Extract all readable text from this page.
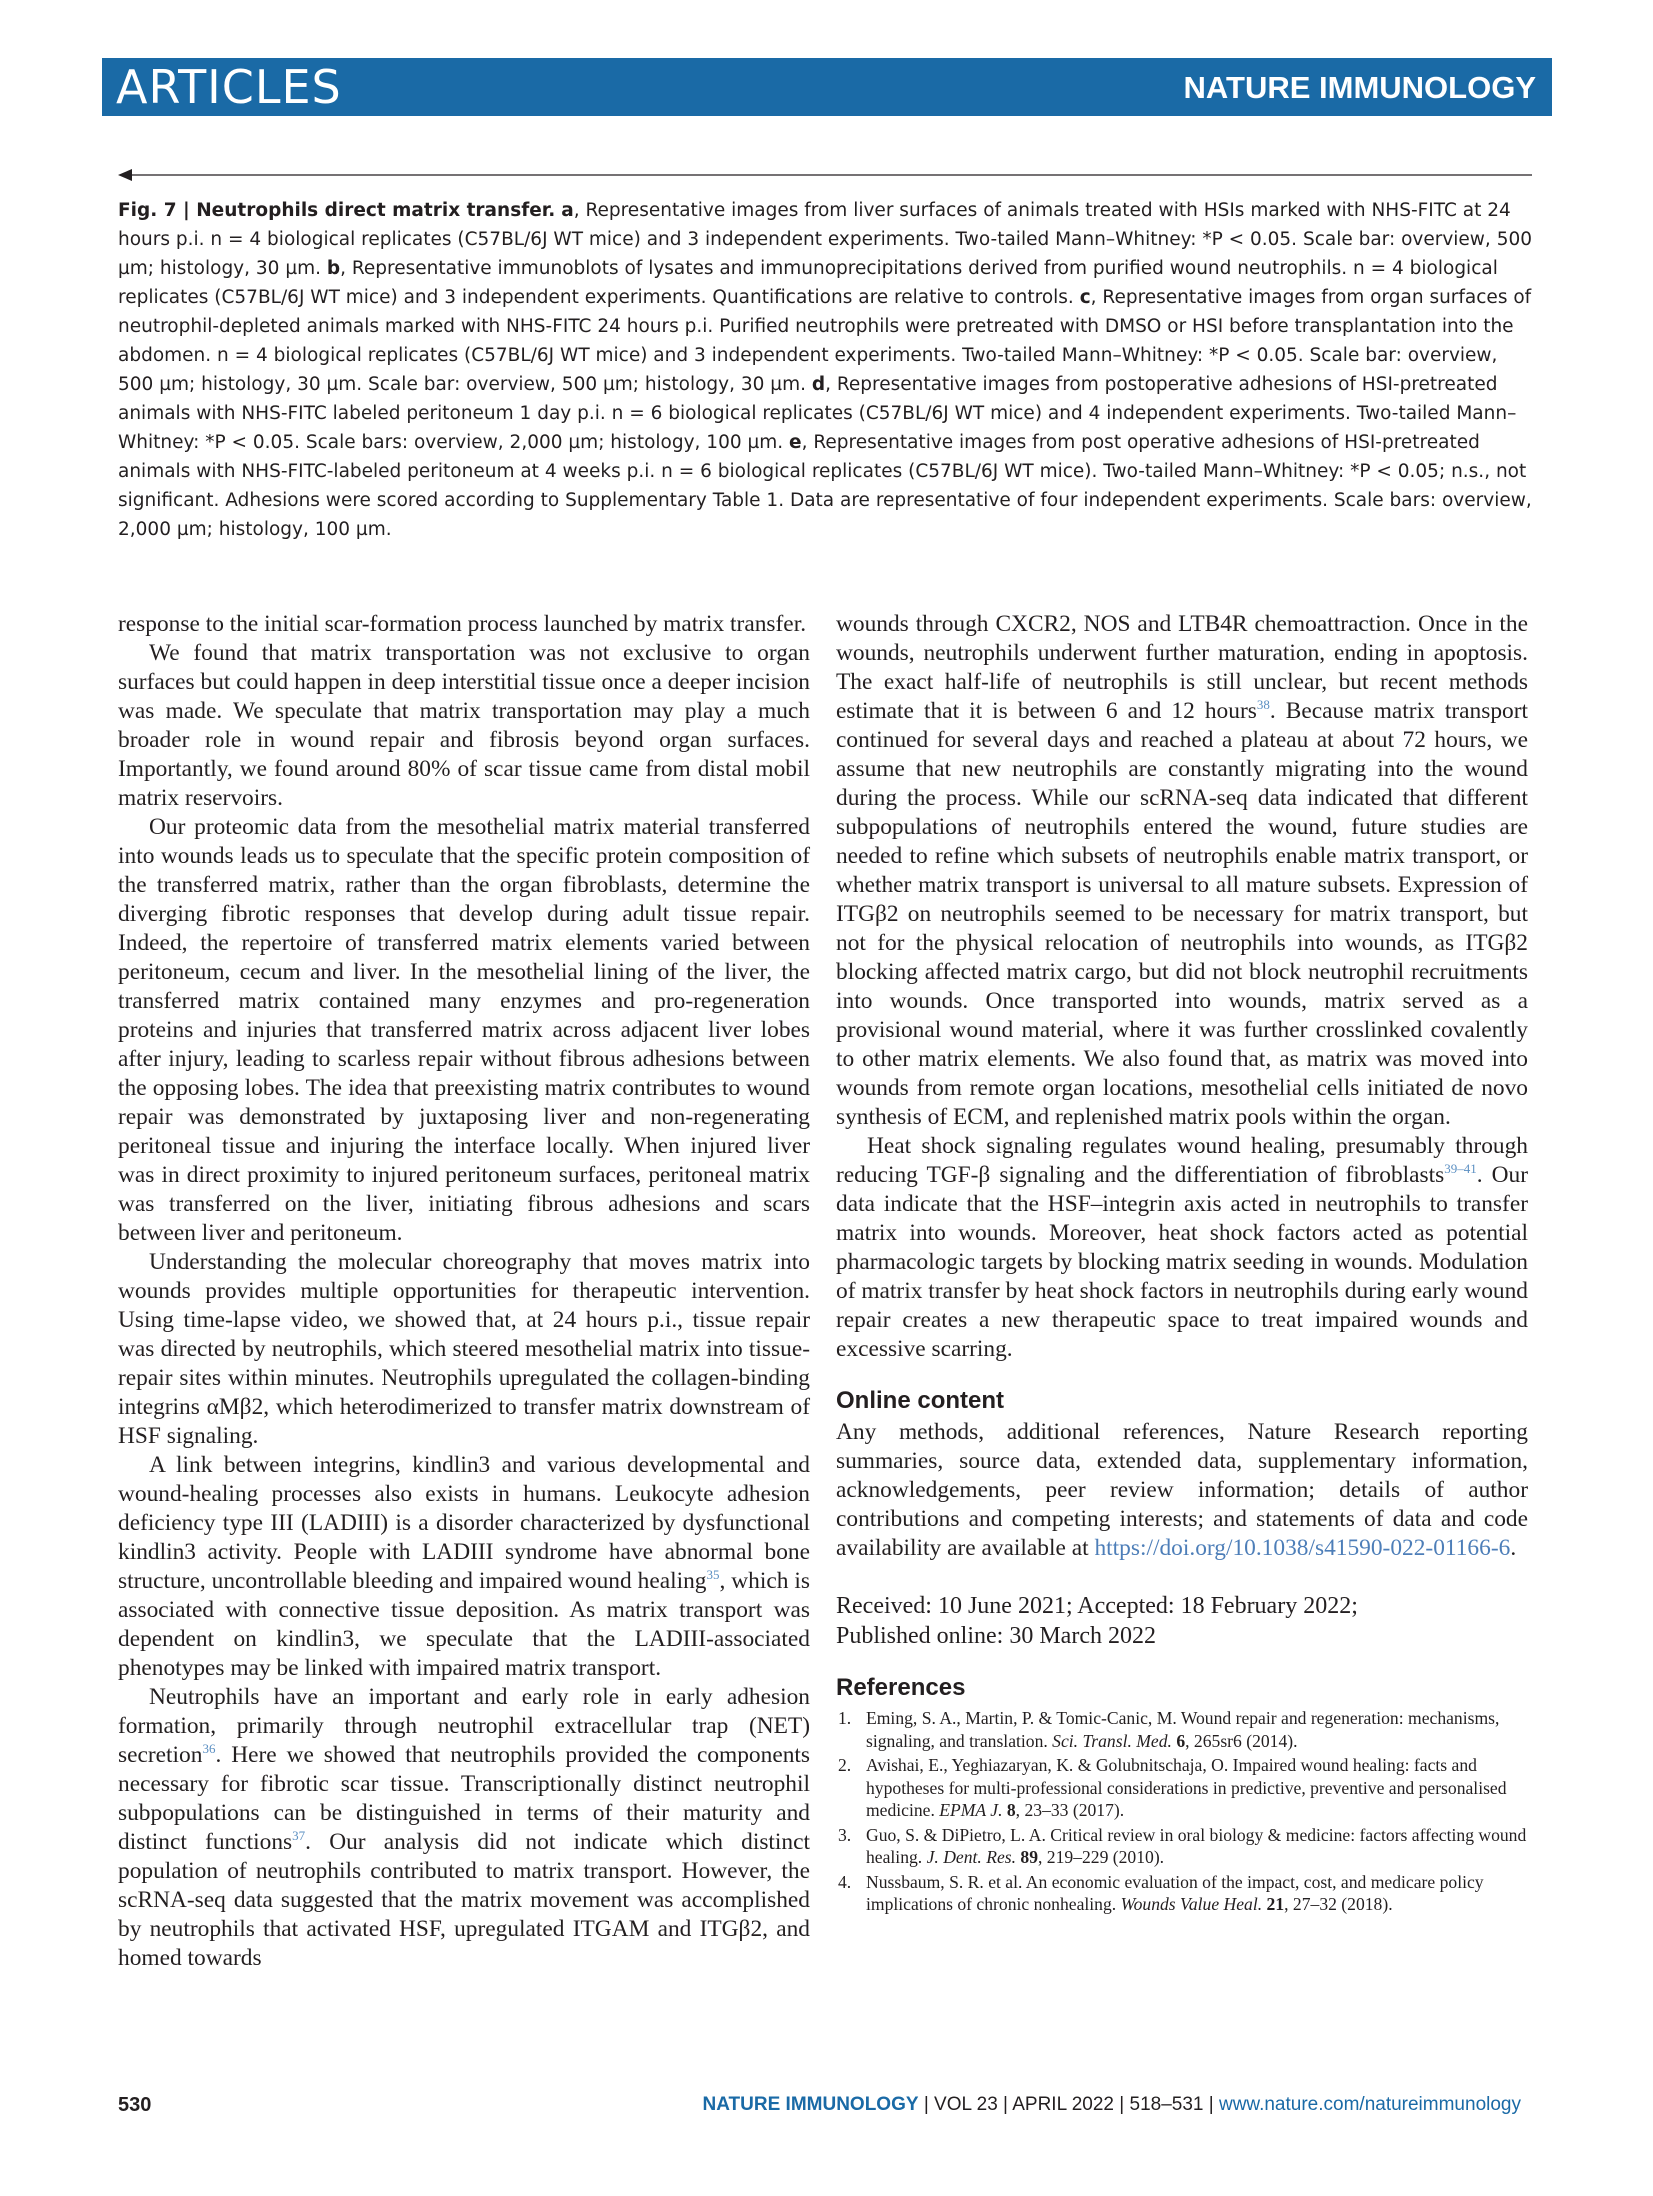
ARTICLES	NATURE IMMUNOLOGY
Fig. 7 | Neutrophils direct matrix transfer. a, Representative images from liver surfaces of animals treated with HSIs marked with NHS-FITC at 24 hours p.i. n = 4 biological replicates (C57BL/6J WT mice) and 3 independent experiments. Two-tailed Mann–Whitney: *P < 0.05. Scale bar: overview, 500 µm; histology, 30 µm. b, Representative immunoblots of lysates and immunoprecipitations derived from purified wound neutrophils. n = 4 biological replicates (C57BL/6J WT mice) and 3 independent experiments. Quantifications are relative to controls. c, Representative images from organ surfaces of neutrophil-depleted animals marked with NHS-FITC 24 hours p.i. Purified neutrophils were pretreated with DMSO or HSI before transplantation into the abdomen. n = 4 biological replicates (C57BL/6J WT mice) and 3 independent experiments. Two-tailed Mann–Whitney: *P < 0.05. Scale bar: overview, 500 µm; histology, 30 µm. Scale bar: overview, 500 µm; histology, 30 µm. d, Representative images from postoperative adhesions of HSI-pretreated animals with NHS-FITC labeled peritoneum 1 day p.i. n = 6 biological replicates (C57BL/6J WT mice) and 4 independent experiments. Two-tailed Mann–Whitney: *P < 0.05. Scale bars: overview, 2,000 µm; histology, 100 µm. e, Representative images from post operative adhesions of HSI-pretreated animals with NHS-FITC-labeled peritoneum at 4 weeks p.i. n = 6 biological replicates (C57BL/6J WT mice). Two-tailed Mann–Whitney: *P < 0.05; n.s., not significant. Adhesions were scored according to Supplementary Table 1. Data are representative of four independent experiments. Scale bars: overview, 2,000 µm; histology, 100 µm.

response to the initial scar-formation process launched by matrix transfer.

We found that matrix transportation was not exclusive to organ surfaces but could happen in deep interstitial tissue once a deeper incision was made. We speculate that matrix transportation may play a much broader role in wound repair and fibrosis beyond organ surfaces. Importantly, we found around 80% of scar tissue came from distal mobil matrix reservoirs.

Our proteomic data from the mesothelial matrix material transferred into wounds leads us to speculate that the specific protein composition of the transferred matrix, rather than the organ fibroblasts, determine the diverging fibrotic responses that develop during adult tissue repair. Indeed, the repertoire of transferred matrix elements varied between peritoneum, cecum and liver. In the mesothelial lining of the liver, the transferred matrix contained many enzymes and pro-regeneration proteins and injuries that transferred matrix across adjacent liver lobes after injury, leading to scarless repair without fibrous adhesions between the opposing lobes. The idea that preexisting matrix contributes to wound repair was demonstrated by juxtaposing liver and non-regenerating peritoneal tissue and injuring the interface locally. When injured liver was in direct proximity to injured peritoneum surfaces, peritoneal matrix was transferred on the liver, initiating fibrous adhesions and scars between liver and peritoneum.

Understanding the molecular choreography that moves matrix into wounds provides multiple opportunities for therapeutic intervention. Using time-lapse video, we showed that, at 24 hours p.i., tissue repair was directed by neutrophils, which steered mesothelial matrix into tissue-repair sites within minutes. Neutrophils upregulated the collagen-binding integrins αMβ2, which heterodimerized to transfer matrix downstream of HSF signaling.

A link between integrins, kindlin3 and various developmental and wound-healing processes also exists in humans. Leukocyte adhesion deficiency type III (LADIII) is a disorder characterized by dysfunctional kindlin3 activity. People with LADIII syndrome have abnormal bone structure, uncontrollable bleeding and impaired wound healing$^{35}$, which is associated with connective tissue deposition. As matrix transport was dependent on kindlin3, we speculate that the LADIII-associated phenotypes may be linked with impaired matrix transport.

Neutrophils have an important and early role in early adhesion formation, primarily through neutrophil extracellular trap (NET) secretion$^{36}$. Here we showed that neutrophils provided the components necessary for fibrotic scar tissue. Transcriptionally distinct neutrophil subpopulations can be distinguished in terms of their maturity and distinct functions$^{37}$. Our analysis did not indicate which distinct population of neutrophils contributed to matrix transport. However, the scRNA-seq data suggested that the matrix movement was accomplished by neutrophils that activated HSF, upregulated ITGAM and ITGβ2, and homed towards

wounds through CXCR2, NOS and LTB4R chemoattraction. Once in the wounds, neutrophils underwent further maturation, ending in apoptosis. The exact half-life of neutrophils is still unclear, but recent methods estimate that it is between 6 and 12 hours$^{38}$. Because matrix transport continued for several days and reached a plateau at about 72 hours, we assume that new neutrophils are constantly migrating into the wound during the process. While our scRNA-seq data indicated that different subpopulations of neutrophils entered the wound, future studies are needed to refine which subsets of neutrophils enable matrix transport, or whether matrix transport is universal to all mature subsets. Expression of ITGβ2 on neutrophils seemed to be necessary for matrix transport, but not for the physical relocation of neutrophils into wounds, as ITGβ2 blocking affected matrix cargo, but did not block neutrophil recruitments into wounds. Once transported into wounds, matrix served as a provisional wound material, where it was further crosslinked covalently to other matrix elements. We also found that, as matrix was moved into wounds from remote organ locations, mesothelial cells initiated de novo synthesis of ECM, and replenished matrix pools within the organ.

Heat shock signaling regulates wound healing, presumably through reducing TGF-β signaling and the differentiation of fibroblasts$^{39-41}$. Our data indicate that the HSF–integrin axis acted in neutrophils to transfer matrix into wounds. Moreover, heat shock factors acted as potential pharmacologic targets by blocking matrix seeding in wounds. Modulation of matrix transfer by heat shock factors in neutrophils during early wound repair creates a new therapeutic space to treat impaired wounds and excessive scarring.

Online content

Any methods, additional references, Nature Research reporting summaries, source data, extended data, supplementary information, acknowledgements, peer review information; details of author contributions and competing interests; and statements of data and code availability are available at https://doi.org/10.1038/s41590-022-01166-6.

Received: 10 June 2021; Accepted: 18 February 2022;
Published online: 30 March 2022
References
1. Eming, S. A., Martin, P. & Tomic-Canic, M. Wound repair and regeneration: mechanisms, signaling, and translation. Sci. Transl. Med. 6, 265sr6 (2014).
2. Avishai, E., Yeghiazaryan, K. & Golubnitschaja, O. Impaired wound healing: facts and hypotheses for multi-professional considerations in predictive, preventive and personalised medicine. EPMA J. 8, 23–33 (2017).
3. Guo, S. & DiPietro, L. A. Critical review in oral biology & medicine: factors affecting wound healing. J. Dent. Res. 89, 219–229 (2010).
4. Nussbaum, S. R. et al. An economic evaluation of the impact, cost, and medicare policy implications of chronic nonhealing. Wounds Value Heal. 21, 27–32 (2018).
530	NATURE IMMUNOLOGY | VOL 23 | APRIL 2022 | 518–531 | www.nature.com/natureimmunology
